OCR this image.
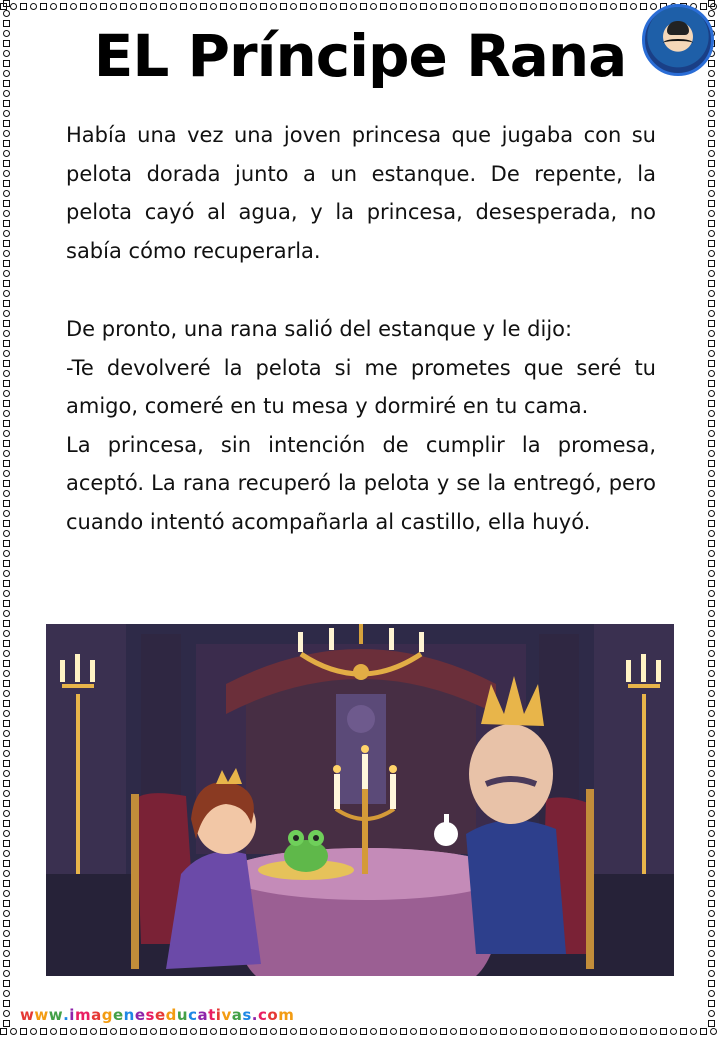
EL Príncipe Rana

Había una vez una joven princesa que jugaba con su pelota dorada junto a un estanque. De repente, la pelota cayó al agua, y la princesa, desesperada, no sabía cómo recuperarla.

De pronto, una rana salió del estanque y le dijo:

-Te devolveré la pelota si me prometes que seré tu amigo, comeré en tu mesa y dormiré en tu cama.

La princesa, sin intención de cumplir la promesa, aceptó. La rana recuperó la pelota y se la entregó, pero cuando intentó acompañarla al castillo, ella huyó.

www.imageneseducativas.com
